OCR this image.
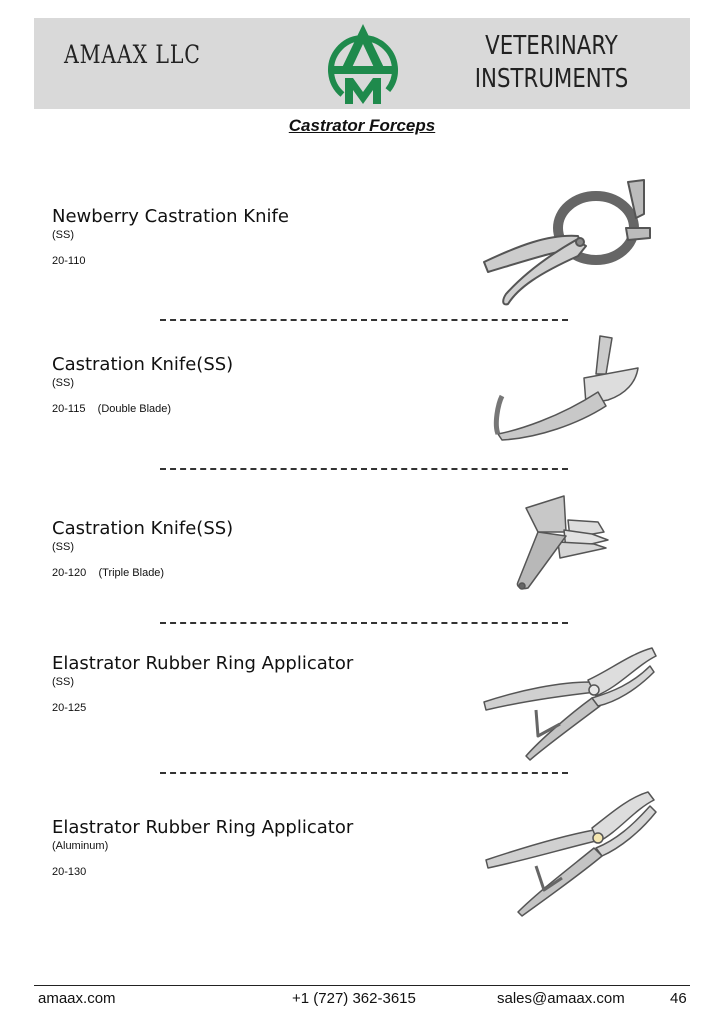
AMAAX LLC	VETERINARY
INSTRUMENTS
Castrator Forceps
Newberry Castration Knife
(SS)
20-110
Castration Knife(SS)
(SS)
20-115    (Double Blade)
Castration Knife(SS)
(SS)
20-120    (Triple Blade)
Elastrator Rubber Ring Applicator
(SS)
20-125
Elastrator Rubber Ring Applicator
(Aluminum)
20-130
amaax.com	+1 (727) 362-3615	sales@amaax.com	46
